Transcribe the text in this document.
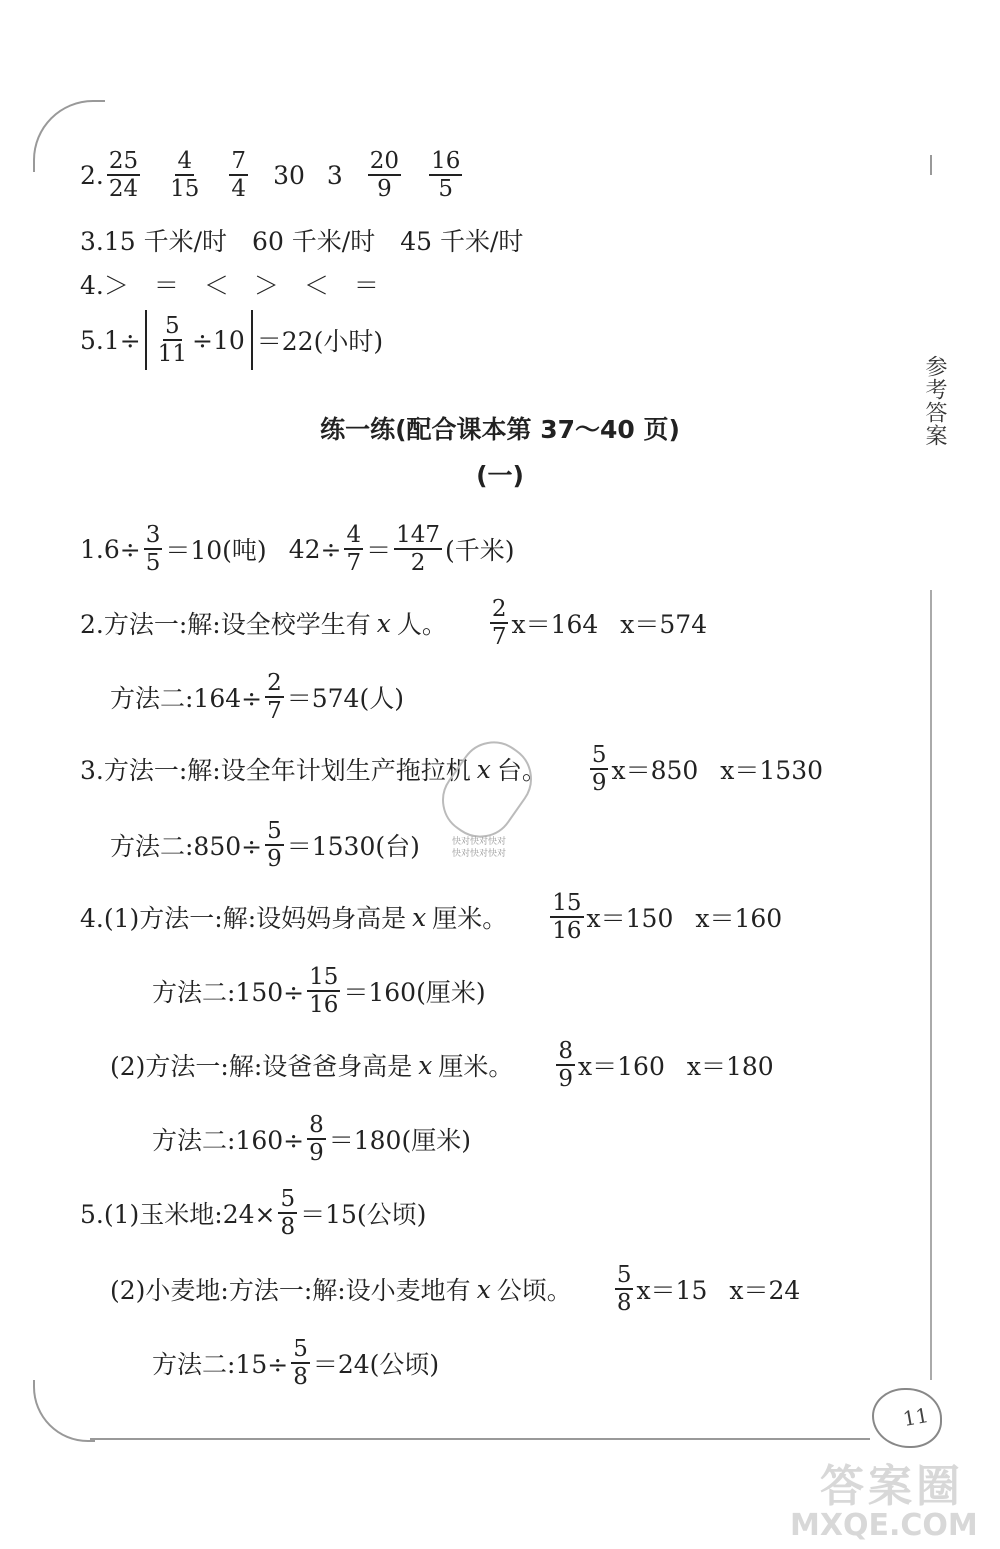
参考答案
2. $\frac{25}{24} \frac{4}{15} \frac{7}{4} 30$ $3 \frac{20}{9} \frac{16}{5}$
3.15 千米/时　60 千米/时　45 千米/时
4.＞　＝　＜　＞　＜　＝
$5.1\div \frac{5}{11} \div 10 =22$(小时)
练一练(配合课本第 37～40 页)
(一)
$1.6\div \frac{3}{5} =10$(吨) $42\div \frac{4}{7} = \frac{147}{2}$ (千米)
2.方法一:解:设全校学生有 x 人。 $\frac{2}{7} x=164$ x＝574
方法二:164÷ $\frac{2}{7} =574$(人)
3.方法一:解:设全年计划生产拖拉机 x 台。 $\frac{5}{9} x=850$ x＝1530
方法二:850÷ $\frac{5}{9} =1530$(台)	快对快对快对
快对快对快对
4.(1)方法一:解:设妈妈身高是 x 厘米。 $\frac{15}{16} x=150$ x＝160
方法二:150÷ $\frac{15}{16} =160$(厘米)
(2)方法一:解:设爸爸身高是 x 厘米。 $\frac{8}{9} x=160$ x＝180
方法二:160÷ $\frac{8}{9} =180$(厘米)
5.(1)玉米地:24× $\frac{5}{8} =15$(公顷)
(2)小麦地:方法一:解:设小麦地有 x 公顷。 $\frac{5}{8} x=15$ x＝24
方法二:15÷ $\frac{5}{8} =24$(公顷)
11
答案圈
MXQE.COM
